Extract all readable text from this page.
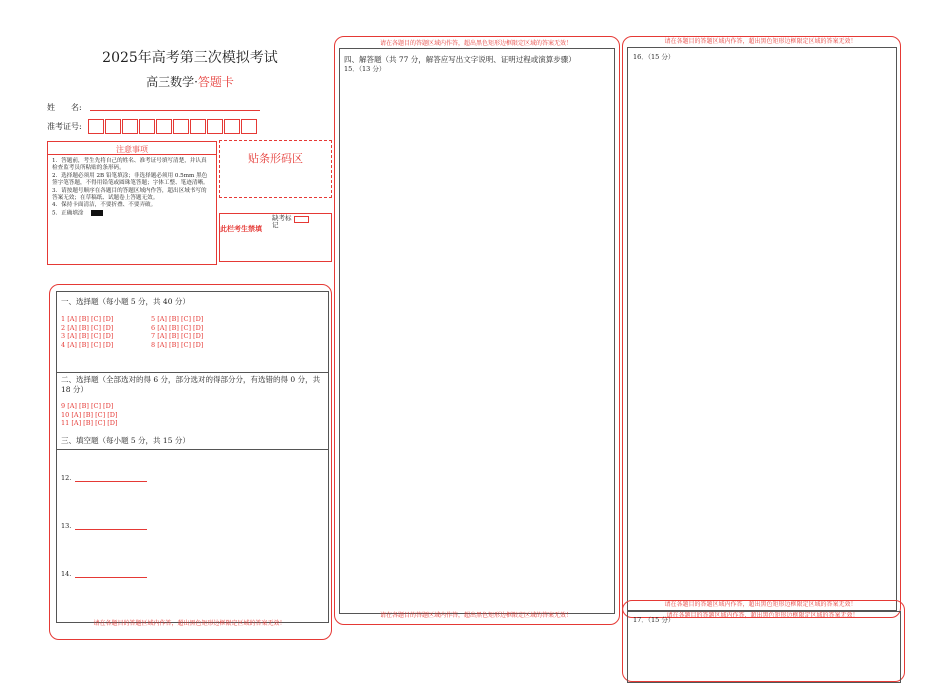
2025年高考第三次模拟考试
高三数学·答题卡
姓　　名:
准考证号:
注意事项
1．答题前，考生先将自己的姓名、准考证号填写清楚，并认真检查监考员所粘贴的条形码。
2．选择题必须用 2B 铅笔填涂；非选择题必须用 0.5mm 黑色签字笔答题，不得用铅笔或圆珠笔答题；字体工整、笔迹清晰。
3．请按题号顺序在各题目的答题区域内作答，超出区域书写的答案无效；在草稿纸、试题卷上答题无效。
4．保持卡面清洁，不要折叠、不要弄破。
5．正确填涂
贴条形码区
此栏考生禁填
缺考标记
一、选择题（每小题 5 分，共 40 分）
1 [A] [B] [C] [D]
2 [A] [B] [C] [D]
3 [A] [B] [C] [D]
4 [A] [B] [C] [D]
5 [A] [B] [C] [D]
6 [A] [B] [C] [D]
7 [A] [B] [C] [D]
8 [A] [B] [C] [D]
二、选择题（全部选对的得 6 分，部分选对的得部分分，有选错的得 0 分，共 18 分）
9 [A] [B] [C] [D]
10 [A] [B] [C] [D]
11 [A] [B] [C] [D]
三、填空题（每小题 5 分，共 15 分）
12.
13.
14.
请在各题目的答题区域内作答，超出黑色矩形边框限定区域的答案无效！
请在各题目的答题区域内作答，超出黑色矩形边框限定区域的答案无效！
四、解答题（共 77 分，解答应写出文字说明、证明过程或演算步骤）
15．（13 分）
请在各题目的答题区域内作答，超出黑色矩形边框限定区域的答案无效！
请在各题目的答题区域内作答，超出黑色矩形边框限定区域的答案无效！
16．（15 分）
请在各题目的答题区域内作答，超出黑色矩形边框限定区域的答案无效！
17．（15 分）
请在各题目的答题区域内作答，超出黑色矩形边框限定区域的答案无效！
